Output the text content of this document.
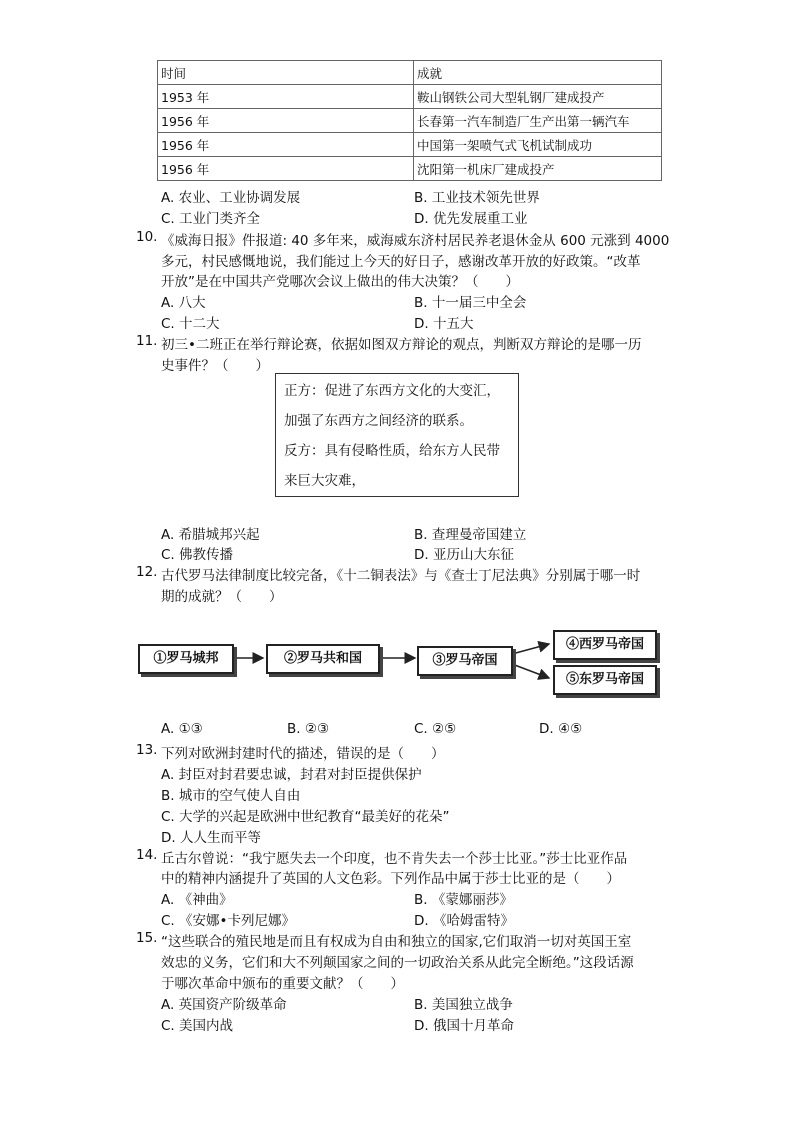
时间	成就
1953 年	鞍山钢铁公司大型轧钢厂建成投产
1956 年	长春第一汽车制造厂生产出第一辆汽车
1956 年	中国第一架喷气式飞机试制成功
1956 年	沈阳第一机床厂建成投产
A. 农业、工业协调发展	B. 工业技术领先世界
C. 工业门类齐全	D. 优先发展重工业
10. 《威海日报》件报道: 40 多年来，威海威东济村居民养老退休金从 600 元涨到 4000
多元，村民感慨地说，我们能过上今天的好日子，感谢改革开放的好政策。“改革
开放”是在中国共产党哪次会议上做出的伟大决策？（　　）
A. 八大	B. 十一届三中全会
C. 十二大	D. 十五大
11. 初三•二班正在举行辩论赛，依据如图双方辩论的观点，判断双方辩论的是哪一历
史事件？（　　）
正方：促进了东西方文化的大变汇，
加强了东西方之间经济的联系。
反方：具有侵略性质，给东方人民带
来巨大灾难，
A. 希腊城邦兴起	B. 查理曼帝国建立
C. 佛教传播	D. 亚历山大东征
12. 古代罗马法律制度比较完备，《十二铜表法》与《查士丁尼法典》分别属于哪一时
期的成就？（　　）
①罗马城邦	②罗马共和国	③罗马帝国
④西罗马帝国
⑤东罗马帝国
A. ①③	B. ②③	C. ②⑤	D. ④⑤
13. 下列对欧洲封建时代的描述，错误的是（　　）
A. 封臣对封君要忠诚，封君对封臣提供保护
B. 城市的空气使人自由
C. 大学的兴起是欧洲中世纪教育“最美好的花朵”
D. 人人生而平等
14. 丘古尔曾说：“我宁愿失去一个印度，也不肯失去一个莎士比亚。”莎士比亚作品
中的精神内涵提升了英国的人文色彩。下列作品中属于莎士比亚的是（　　）
A. 《神曲》	B. 《蒙娜丽莎》
C. 《安娜•卡列尼娜》	D. 《哈姆雷特》
15. “这些联合的殖民地是而且有权成为自由和独立的国家,它们取消一切对英国王室
效忠的义务，它们和大不列颠国家之间的一切政治关系从此完全断绝。”这段话源
于哪次革命中颁布的重要文献？（　　）
A. 英国资产阶级革命	B. 美国独立战争
C. 美国内战	D. 俄国十月革命
